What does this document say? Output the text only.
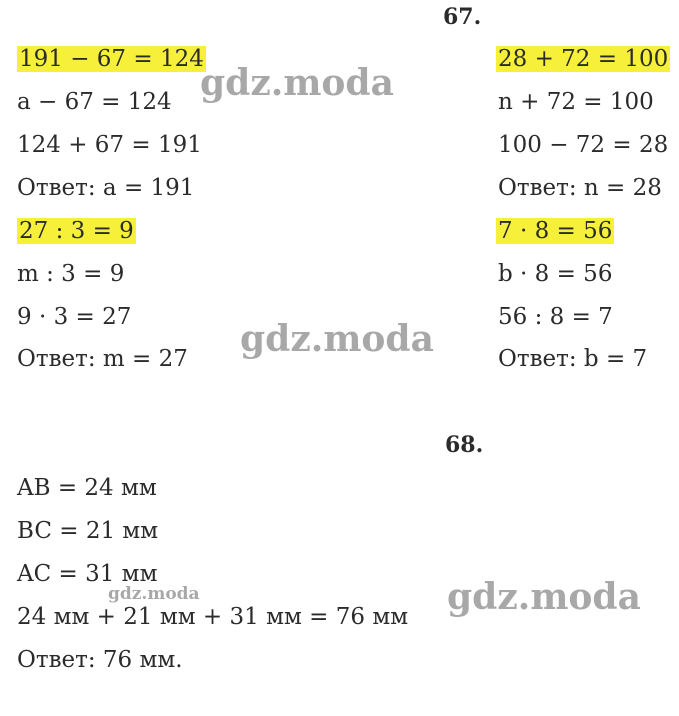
67.
191 − 67 = 124
a − 67 = 124
124 + 67 = 191
Ответ: a = 191
27 : 3 = 9
m : 3 = 9
9 · 3 = 27
Ответ: m = 27
28 + 72 = 100
n + 72 = 100
100 − 72 = 28
Ответ: n = 28
7 · 8 = 56
b · 8 = 56
56 : 8 = 7
Ответ: b = 7
68.
AB = 24 мм
BC = 21 мм
AC = 31 мм
24 мм + 21 мм + 31 мм = 76 мм
Ответ: 76 мм.
gdz.moda
gdz.moda
gdz.moda
gdz.moda
